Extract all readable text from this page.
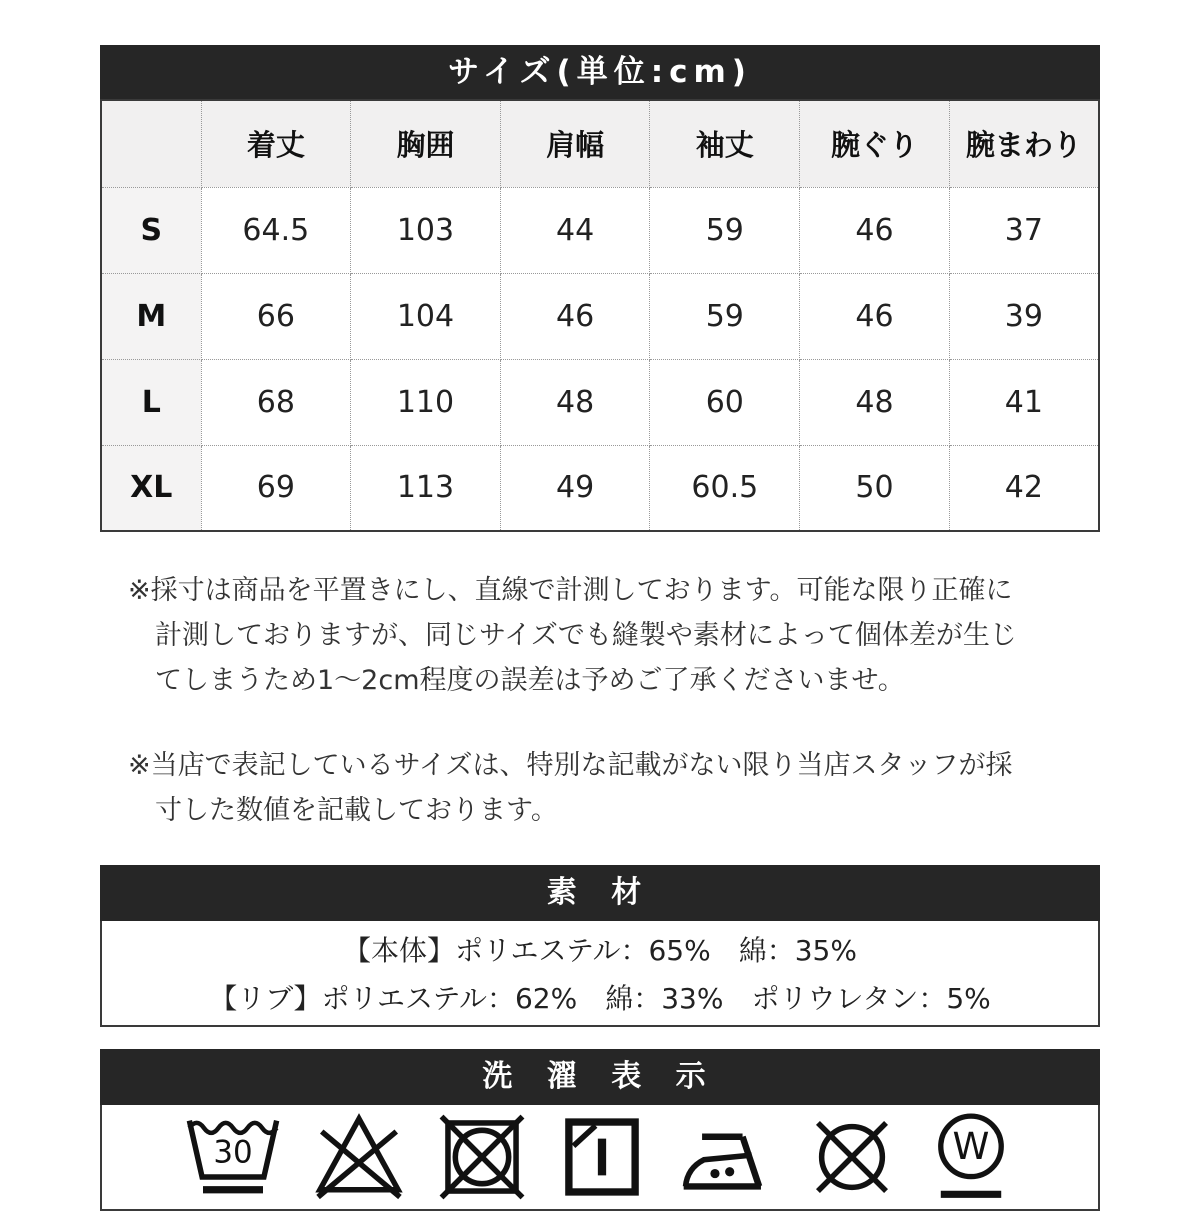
サイズ(単位:cm)
	着丈	胸囲	肩幅	袖丈	腕ぐり	腕まわり
S	64.5	103	44	59	46	37
M	66	104	46	59	46	39
L	68	110	48	60	48	41
XL	69	113	49	60.5	50	42

※採寸は商品を平置きにし、直線で計測しております。可能な限り正確に計測しておりますが、同じサイズでも縫製や素材によって個体差が生じてしまうため1〜2cm程度の誤差は予めご了承くださいませ。

※当店で表記しているサイズは、特別な記載がない限り当店スタッフが採寸した数値を記載しております。

素 材
【本体】ポリエステル：65%　綿：35%
【リブ】ポリエステル：62%　綿：33%　ポリウレタン：5%
洗 濯 表 示
30	W
